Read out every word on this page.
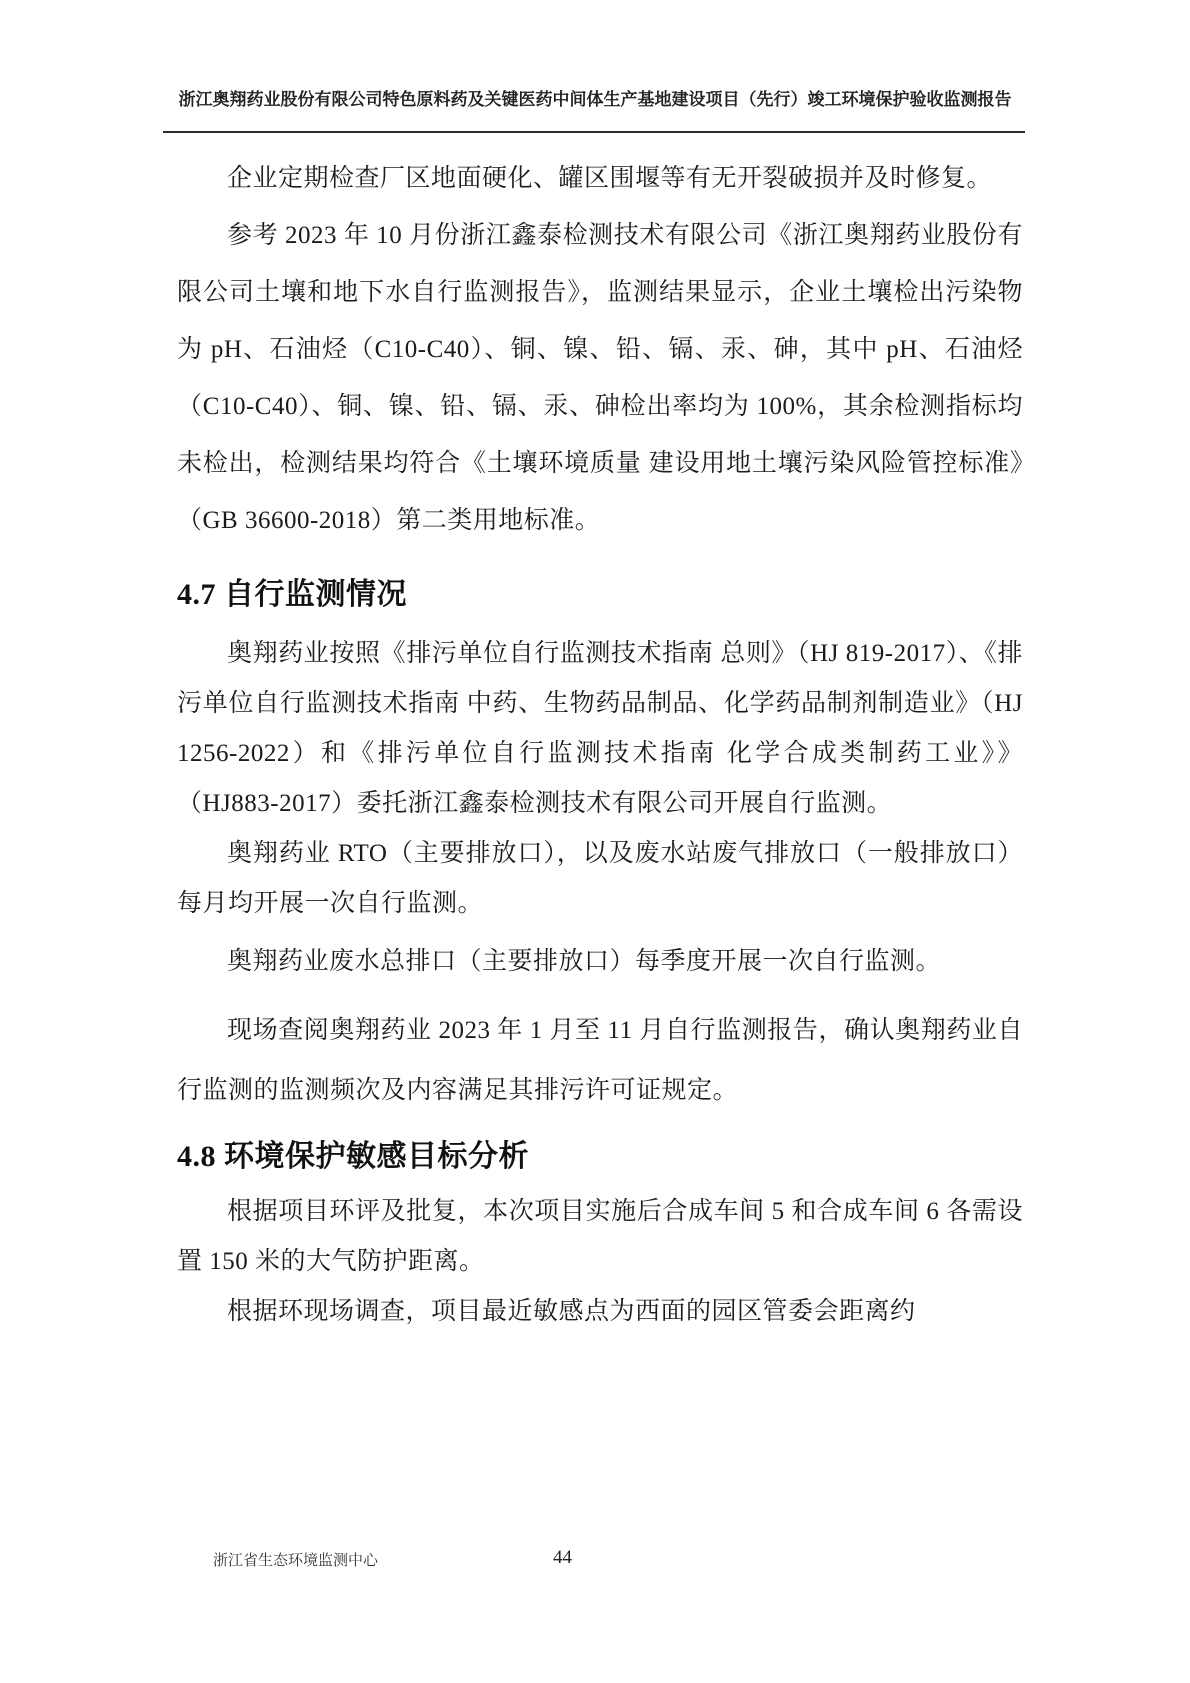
浙江奥翔药业股份有限公司特色原料药及关键医药中间体生产基地建设项目（先行）竣工环境保护验收监测报告

企业定期检查厂区地面硬化、罐区围堰等有无开裂破损并及时修复。

参考 2023 年 10 月份浙江鑫泰检测技术有限公司《浙江奥翔药业股份有限公司土壤和地下水自行监测报告》，监测结果显示，企业土壤检出污染物为 pH、石油烃（C10-C40）、铜、镍、铅、镉、汞、砷，其中 pH、石油烃（C10-C40）、铜、镍、铅、镉、汞、砷检出率均为 100%，其余检测指标均未检出，检测结果均符合《土壤环境质量 建设用地土壤污染风险管控标准》（GB 36600-2018）第二类用地标准。

4.7 自行监测情况

奥翔药业按照《排污单位自行监测技术指南 总则》（HJ 819-2017）、《排污单位自行监测技术指南 中药、生物药品制品、化学药品制剂制造业》（HJ 1256-2022）和《排污单位自行监测技术指南 化学合成类制药工业》》（HJ883-2017）委托浙江鑫泰检测技术有限公司开展自行监测。

奥翔药业 RTO（主要排放口），以及废水站废气排放口（一般排放口）每月均开展一次自行监测。

奥翔药业废水总排口（主要排放口）每季度开展一次自行监测。

现场查阅奥翔药业 2023 年 1 月至 11 月自行监测报告，确认奥翔药业自行监测的监测频次及内容满足其排污许可证规定。

4.8 环境保护敏感目标分析

根据项目环评及批复，本次项目实施后合成车间 5 和合成车间 6 各需设置 150 米的大气防护距离。

根据环现场调查，项目最近敏感点为西面的园区管委会距离约

浙江省生态环境监测中心	44
